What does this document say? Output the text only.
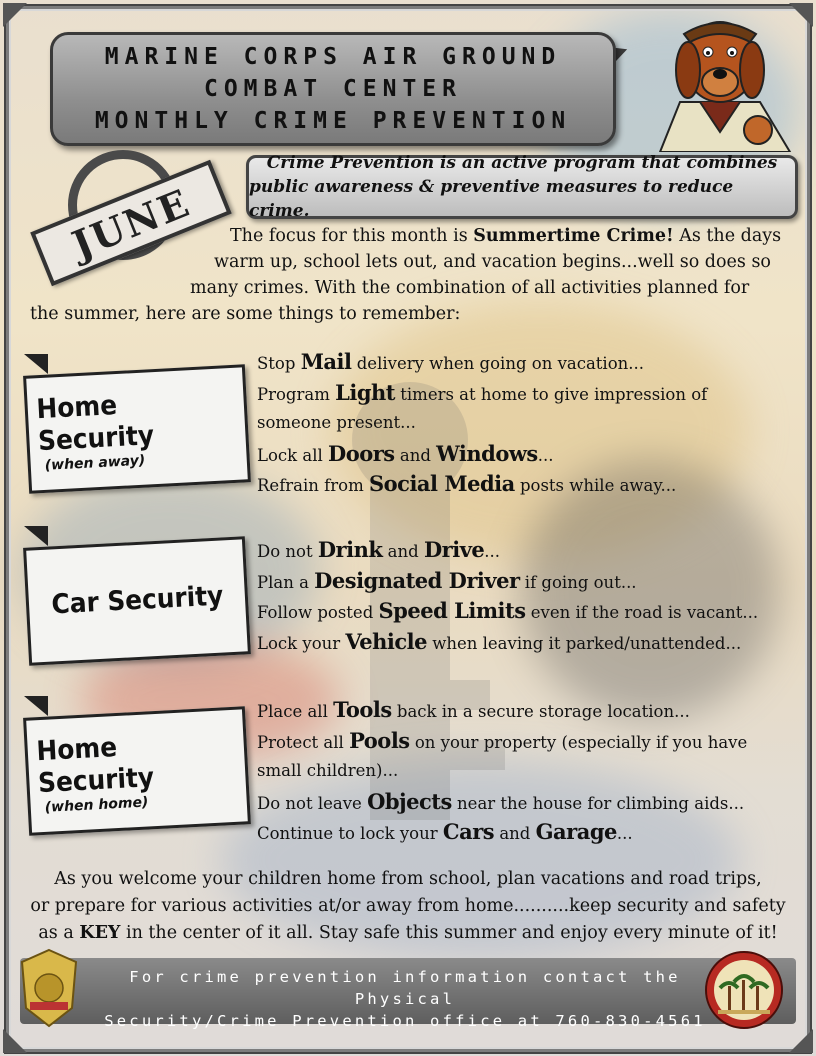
MARINE CORPS AIR GROUND
COMBAT CENTER
MONTHLY CRIME PREVENTION
JUNE
Crime Prevention is an active program that combines
public awareness & preventive measures to reduce crime.
The focus for this month is Summertime Crime! As the days
warm up, school lets out, and vacation begins...well so does so
many crimes. With the combination of all activities planned for
the summer, here are some things to remember:
Home Security
(when away)
Car Security
Home Security
(when home)
Stop Mail delivery when going on vacation...
Program Light timers at home to give impression of
someone present...
Lock all Doors and Windows...
Refrain from Social Media posts while away...
Do not Drink and Drive...
Plan a Designated Driver if going out...
Follow posted Speed Limits even if the road is vacant...
Lock your Vehicle when leaving it parked/unattended...
Place all Tools back in a secure storage location...
Protect all Pools on your property (especially if you have
small children)...
Do not leave Objects near the house for climbing aids...
Continue to lock your Cars and Garage...
As you welcome your children home from school, plan vacations and road trips,
or prepare for various activities at/or away from home..........keep security and safety
as a KEY in the center of it all. Stay safe this summer and enjoy every minute of it!
For crime prevention information contact the Physical
Security/Crime Prevention office at 760-830-4561
